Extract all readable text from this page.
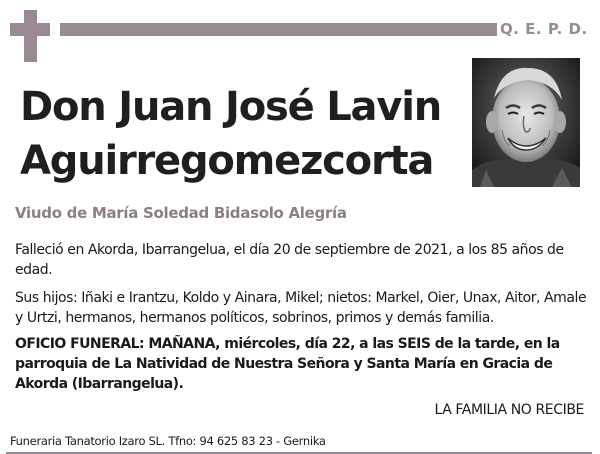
Q. E. P. D.
Don Juan José Lavin
Aguirregomezcorta
Viudo de María Soledad Bidasolo Alegría
Falleció en Akorda, Ibarrangelua, el día 20 de septiembre de 2021, a los 85 años de edad.
Sus hijos: Iñaki e Irantzu, Koldo y Ainara, Mikel; nietos: Markel, Oier, Unax, Aitor, Amale y Urtzi, hermanos, hermanos políticos, sobrinos, primos y demás familia.
OFICIO FUNERAL: MAÑANA, miércoles, día 22, a las SEIS de la tarde, en la parroquia de La Natividad de Nuestra Señora y Santa María en Gracia de Akorda (Ibarrangelua).
LA FAMILIA NO RECIBE
Funeraria Tanatorio Izaro SL. Tfno: 94 625 83 23 - Gernika
